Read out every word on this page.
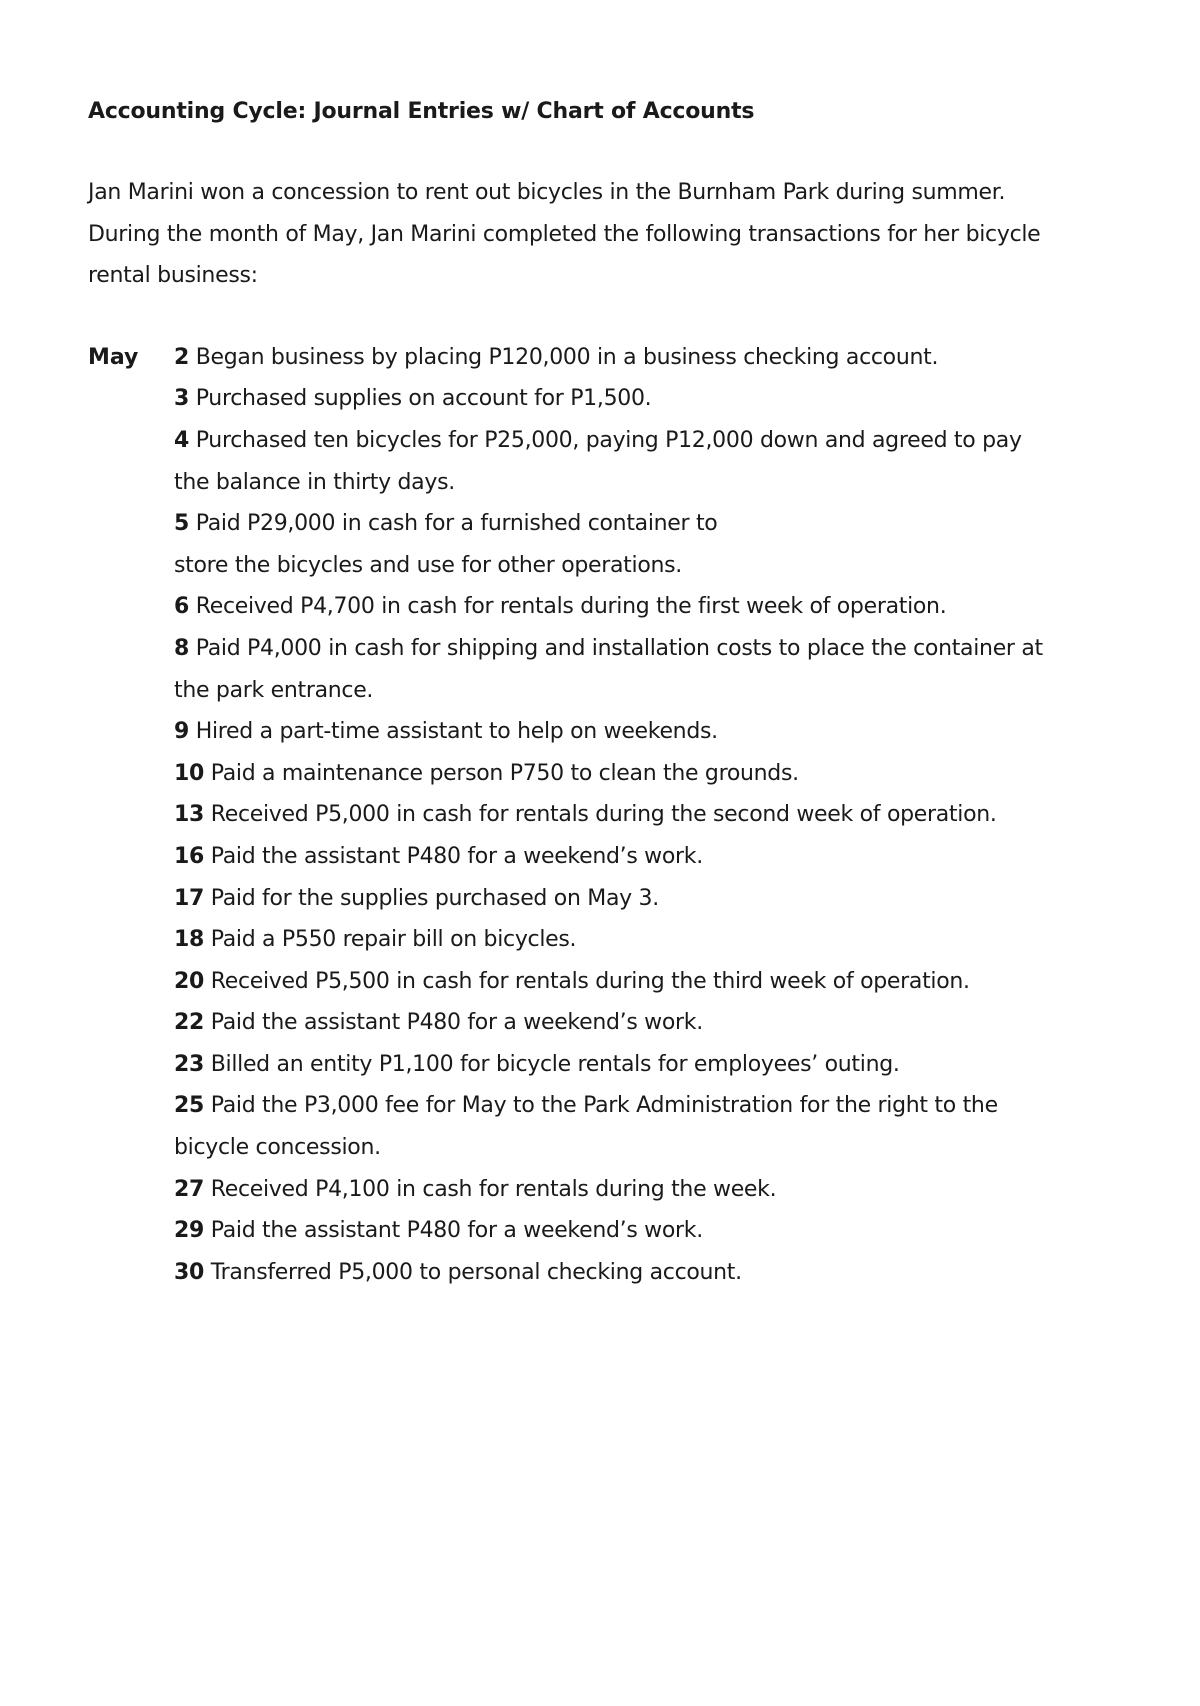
Accounting Cycle: Journal Entries w/ Chart of Accounts

Jan Marini won a concession to rent out bicycles in the Burnham Park during summer.
During the month of May, Jan Marini completed the following transactions for her bicycle
rental business:

May 2 Began business by placing P120,000 in a business checking account.
3 Purchased supplies on account for P1,500.
4 Purchased ten bicycles for P25,000, paying P12,000 down and agreed to pay
the balance in thirty days.
5 Paid P29,000 in cash for a furnished container to
store the bicycles and use for other operations.
6 Received P4,700 in cash for rentals during the first week of operation.
8 Paid P4,000 in cash for shipping and installation costs to place the container at
the park entrance.
9 Hired a part-time assistant to help on weekends.
10 Paid a maintenance person P750 to clean the grounds.
13 Received P5,000 in cash for rentals during the second week of operation.
16 Paid the assistant P480 for a weekend’s work.
17 Paid for the supplies purchased on May 3.
18 Paid a P550 repair bill on bicycles.
20 Received P5,500 in cash for rentals during the third week of operation.
22 Paid the assistant P480 for a weekend’s work.
23 Billed an entity P1,100 for bicycle rentals for employees’ outing.
25 Paid the P3,000 fee for May to the Park Administration for the right to the
bicycle concession.
27 Received P4,100 in cash for rentals during the week.
29 Paid the assistant P480 for a weekend’s work.
30 Transferred P5,000 to personal checking account.
